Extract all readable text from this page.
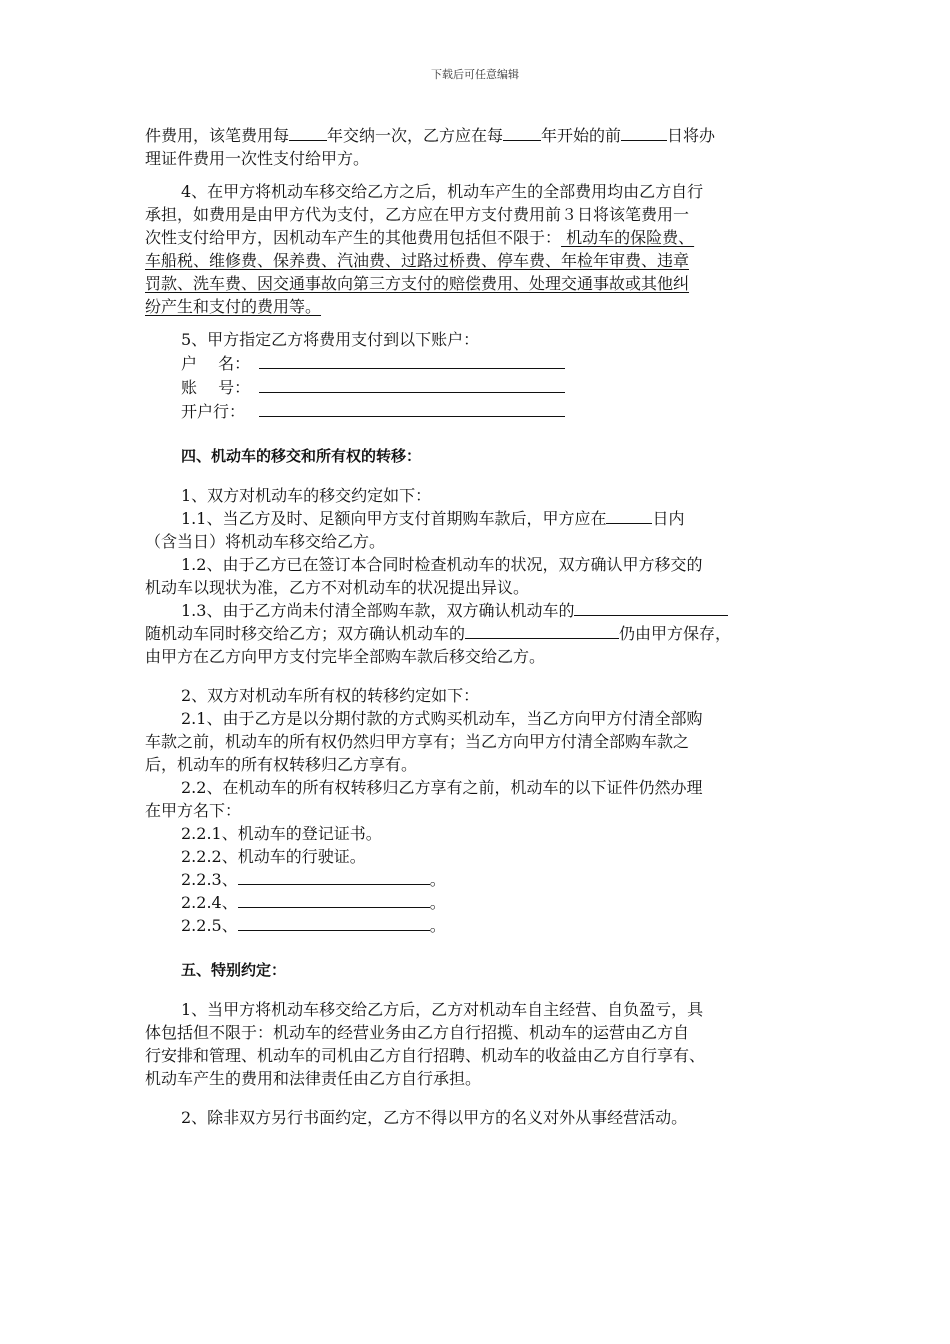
下载后可任意编辑

件费用，该笔费用每 年交纳一次，乙方应在每 年开始的前	日将办

理证件费用一次性支付给甲方。

4、在甲方将机动车移交给乙方之后，机动车产生的全部费用均由乙方自行

承担，如费用是由甲方代为支付，乙方应在甲方支付费用前３日将该笔费用一

次性支付给甲方，因机动车产生的其他费用包括但不限于： 机动车的保险费、

车船税、维修费、保养费、汽油费、过路过桥费、停车费、年检年审费、违章

罚款、洗车费、因交通事故向第三方支付的赔偿费用、处理交通事故或其他纠

纷产生和支付的费用等。

5、甲方指定乙方将费用支付到以下账户：

户　 名：

账　 号：

开户行：

四、机动车的移交和所有权的转移：

1、双方对机动车的移交约定如下：

1.1、当乙方及时、足额向甲方支付首期购车款后，甲方应在	日内

（含当日）将机动车移交给乙方。

1.2、由于乙方已在签订本合同时检查机动车的状况，双方确认甲方移交的

机动车以现状为准，乙方不对机动车的状况提出异议。

1.3、由于乙方尚未付清全部购车款，双方确认机动车的

随机动车同时移交给乙方；双方确认机动车的	仍由甲方保存，

由甲方在乙方向甲方支付完毕全部购车款后移交给乙方。

2、双方对机动车所有权的转移约定如下：

2.1、由于乙方是以分期付款的方式购买机动车，当乙方向甲方付清全部购

车款之前，机动车的所有权仍然归甲方享有；当乙方向甲方付清全部购车款之

后，机动车的所有权转移归乙方享有。

2.2、在机动车的所有权转移归乙方享有之前，机动车的以下证件仍然办理

在甲方名下：

2.2.1、机动车的登记证书。

2.2.2、机动车的行驶证。

2.2.3、	。

2.2.4、	。

2.2.5、	。

五、特别约定：

1、当甲方将机动车移交给乙方后，乙方对机动车自主经营、自负盈亏，具

体包括但不限于：机动车的经营业务由乙方自行招揽、机动车的运营由乙方自

行安排和管理、机动车的司机由乙方自行招聘、机动车的收益由乙方自行享有、

机动车产生的费用和法律责任由乙方自行承担。

2、除非双方另行书面约定，乙方不得以甲方的名义对外从事经营活动。
